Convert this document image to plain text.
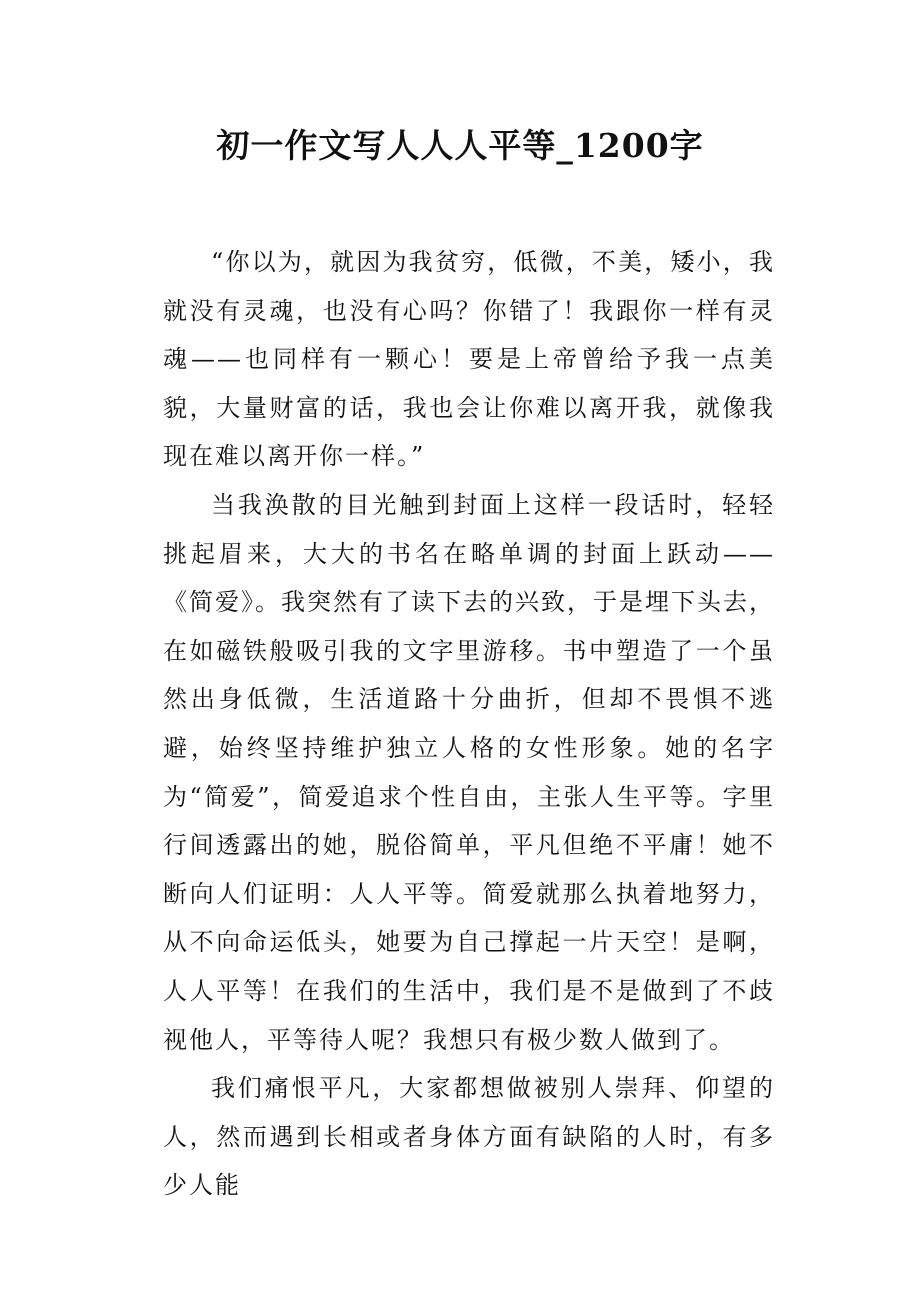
初一作文写人人人平等_1200字

“你以为，就因为我贫穷，低微，不美，矮小，我就没有灵魂，也没有心吗？你错了！我跟你一样有灵魂——也同样有一颗心！要是上帝曾给予我一点美貌，大量财富的话，我也会让你难以离开我，就像我现在难以离开你一样。”

当我涣散的目光触到封面上这样一段话时，轻轻挑起眉来，大大的书名在略单调的封面上跃动——《简爱》。我突然有了读下去的兴致，于是埋下头去，在如磁铁般吸引我的文字里游移。书中塑造了一个虽然出身低微，生活道路十分曲折，但却不畏惧不逃避，始终坚持维护独立人格的女性形象。她的名字为“简爱”，简爱追求个性自由，主张人生平等。字里行间透露出的她，脱俗简单，平凡但绝不平庸！她不断向人们证明：人人平等。简爱就那么执着地努力，从不向命运低头，她要为自己撑起一片天空！是啊，人人平等！在我们的生活中，我们是不是做到了不歧视他人，平等待人呢？我想只有极少数人做到了。

我们痛恨平凡，大家都想做被别人崇拜、仰望的人，然而遇到长相或者身体方面有缺陷的人时，有多少人能
